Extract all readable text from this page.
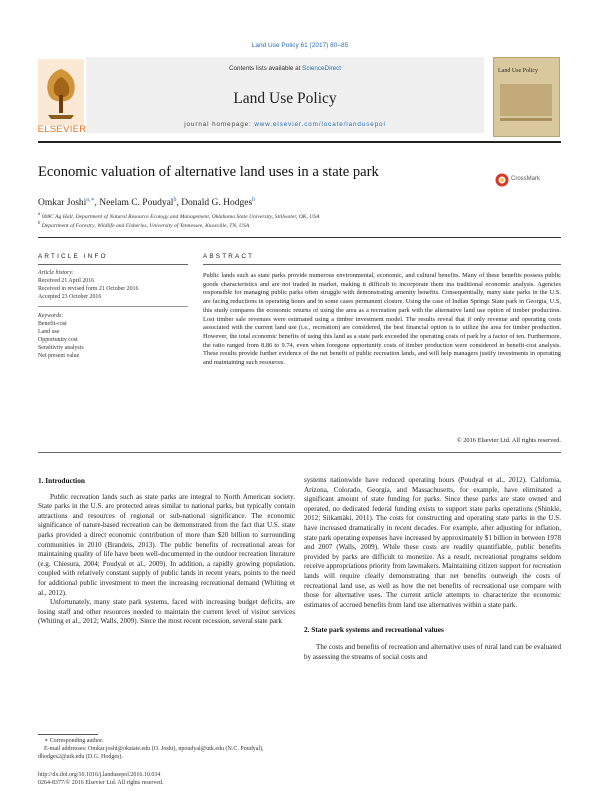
Land Use Policy 61 (2017) 80–85
ELSEVIER
Contents lists available at ScienceDirect
Land Use Policy
journal homepage: www.elsevier.com/locate/landusepol
Land Use Policy
Economic valuation of alternative land uses in a state park	CrossMark
Omkar Joshi$^{a,∗}$, Neelam C. Poudyal$^b$, Donald G. Hodges$^b$
$^a$ 008C Ag Hall, Department of Natural Resource Ecology and Management, Oklahoma State University, Stillwater, OK, USA
$^b$ Department of Forestry, Wildlife and Fisheries, University of Tennessee, Knoxville, TN, USA
ARTICLE INFO	ABSTRACT
Article history:
Received 21 April 2016
Received in revised form 21 October 2016
Accepted 23 October 2016
Keywords:
Benefit-cost
Land use
Opportunity cost
Sensitivity analysis
Net present value
Public lands such as state parks provide numerous environmental, economic, and cultural benefits. Many of these benefits possess public goods characteristics and are not traded in market, making it difficult to incorporate them ina traditional economic analysis. Agencies responsible for managing public parks often struggle with demonstrating amenity benefits. Consequentially, many state parks in the U.S. are facing reductions in operating hours and in some cases permanent closure. Using the case of Indian Springs State park in Georgia, U.S, this study compares the economic returns of using the area as a recreation park with the alternative land use option of timber production. Lost timber sale revenues were estimated using a timber investment model. The results reveal that if only revenue and operating costs associated with the current land use (i.e., recreation) are considered, the best financial option is to utilize the area for timber production. However, the total economic benefits of using this land as a state park exceeded the operating costs of park by a factor of ten. Furthermore, the ratio ranged from 8.86 to 9.74, even when foregone opportunity costs of timber production were considered in benefit-cost analysis. These results provide further evidence of the net benefit of public recreation lands, and will help managers justify investments in operating and maintaining such resources.
© 2016 Elsevier Ltd. All rights reserved.
1. Introduction

Public recreation lands such as state parks are integral to North American society. State parks in the U.S. are protected areas similar to national parks, but typically contain attractions and resources of regional or sub-national significance. The economic significance of nature-based recreation can be demonstrated from the fact that U.S. state parks provided a direct economic contribution of more than $20 billion to surrounding communities in 2010 (Brandeis, 2013). The public benefits of recreational areas for maintaining quality of life have been well-documented in the outdoor recreation literature (e.g. Chiesura, 2004; Poudyal et al., 2009). In addition, a rapidly growing population, coupled with relatively constant supply of public lands in recent years, points to the need for additional public investment to meet the increasing recreational demand (Whiting et al., 2012).

Unfortunately, many state park systems, faced with increasing budget deficits, are losing staff and other resources needed to maintain the current level of visitor services (Whiting et al., 2012; Walls, 2009). Since the most recent recession, several state park

∗ Corresponding author.
E-mail addresses: Omkar.joshi@okstate.edu (O. Joshi), npoudyal@utk.edu (N.C. Poudyal), dhodges2@utk.edu (D.G. Hodges).
http://dx.doi.org/10.1016/j.landusepol.2016.10.034
0264-8377/© 2016 Elsevier Ltd. All rights reserved.

systems nationwide have reduced operating hours (Poudyal et al., 2012). California, Arizona, Colorado, Georgia, and Massachusetts, for example, have eliminated a significant amount of state funding for parks. Since these parks are state owned and operated, no dedicated federal funding exists to support state parks operations (Shinkle, 2012; Siikamäki, 2011). The costs for constructing and operating state parks in the U.S. have increased dramatically in recent decades. For example, after adjusting for inflation, state park operating expenses have increased by approximately $1 billion in between 1978 and 2007 (Walls, 2009). While these costs are readily quantifiable, public benefits provided by parks are difficult to monetize. As a result, recreational programs seldom receive appropriations priority from lawmakers. Maintaining citizen support for recreation lands will require clearly demonstrating that net benefits outweigh the costs of recreational land use, as well as how the net benefits of recreational use compare with those for alternative uses. The current article attempts to characterize the economic estimates of accrued benefits from land use alternatives within a state park.

2. State park systems and recreational values

The costs and benefits of recreation and alternative uses of rural land can be evaluated by assessing the streams of social costs and
